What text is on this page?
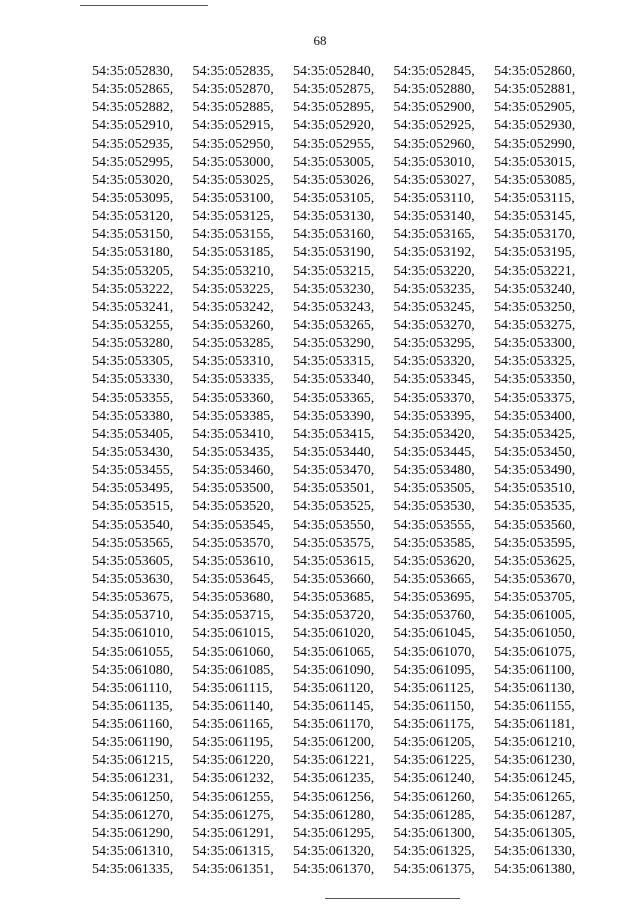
68
54:35:052830, 54:35:052835, 54:35:052840, 54:35:052845, 54:35:052860,
54:35:052865, 54:35:052870, 54:35:052875, 54:35:052880, 54:35:052881,
54:35:052882, 54:35:052885, 54:35:052895, 54:35:052900, 54:35:052905,
54:35:052910, 54:35:052915, 54:35:052920, 54:35:052925, 54:35:052930,
54:35:052935, 54:35:052950, 54:35:052955, 54:35:052960, 54:35:052990,
54:35:052995, 54:35:053000, 54:35:053005, 54:35:053010, 54:35:053015,
54:35:053020, 54:35:053025, 54:35:053026, 54:35:053027, 54:35:053085,
54:35:053095, 54:35:053100, 54:35:053105, 54:35:053110, 54:35:053115,
54:35:053120, 54:35:053125, 54:35:053130, 54:35:053140, 54:35:053145,
54:35:053150, 54:35:053155, 54:35:053160, 54:35:053165, 54:35:053170,
54:35:053180, 54:35:053185, 54:35:053190, 54:35:053192, 54:35:053195,
54:35:053205, 54:35:053210, 54:35:053215, 54:35:053220, 54:35:053221,
54:35:053222, 54:35:053225, 54:35:053230, 54:35:053235, 54:35:053240,
54:35:053241, 54:35:053242, 54:35:053243, 54:35:053245, 54:35:053250,
54:35:053255, 54:35:053260, 54:35:053265, 54:35:053270, 54:35:053275,
54:35:053280, 54:35:053285, 54:35:053290, 54:35:053295, 54:35:053300,
54:35:053305, 54:35:053310, 54:35:053315, 54:35:053320, 54:35:053325,
54:35:053330, 54:35:053335, 54:35:053340, 54:35:053345, 54:35:053350,
54:35:053355, 54:35:053360, 54:35:053365, 54:35:053370, 54:35:053375,
54:35:053380, 54:35:053385, 54:35:053390, 54:35:053395, 54:35:053400,
54:35:053405, 54:35:053410, 54:35:053415, 54:35:053420, 54:35:053425,
54:35:053430, 54:35:053435, 54:35:053440, 54:35:053445, 54:35:053450,
54:35:053455, 54:35:053460, 54:35:053470, 54:35:053480, 54:35:053490,
54:35:053495, 54:35:053500, 54:35:053501, 54:35:053505, 54:35:053510,
54:35:053515, 54:35:053520, 54:35:053525, 54:35:053530, 54:35:053535,
54:35:053540, 54:35:053545, 54:35:053550, 54:35:053555, 54:35:053560,
54:35:053565, 54:35:053570, 54:35:053575, 54:35:053585, 54:35:053595,
54:35:053605, 54:35:053610, 54:35:053615, 54:35:053620, 54:35:053625,
54:35:053630, 54:35:053645, 54:35:053660, 54:35:053665, 54:35:053670,
54:35:053675, 54:35:053680, 54:35:053685, 54:35:053695, 54:35:053705,
54:35:053710, 54:35:053715, 54:35:053720, 54:35:053760, 54:35:061005,
54:35:061010, 54:35:061015, 54:35:061020, 54:35:061045, 54:35:061050,
54:35:061055, 54:35:061060, 54:35:061065, 54:35:061070, 54:35:061075,
54:35:061080, 54:35:061085, 54:35:061090, 54:35:061095, 54:35:061100,
54:35:061110, 54:35:061115, 54:35:061120, 54:35:061125, 54:35:061130,
54:35:061135, 54:35:061140, 54:35:061145, 54:35:061150, 54:35:061155,
54:35:061160, 54:35:061165, 54:35:061170, 54:35:061175, 54:35:061181,
54:35:061190, 54:35:061195, 54:35:061200, 54:35:061205, 54:35:061210,
54:35:061215, 54:35:061220, 54:35:061221, 54:35:061225, 54:35:061230,
54:35:061231, 54:35:061232, 54:35:061235, 54:35:061240, 54:35:061245,
54:35:061250, 54:35:061255, 54:35:061256, 54:35:061260, 54:35:061265,
54:35:061270, 54:35:061275, 54:35:061280, 54:35:061285, 54:35:061287,
54:35:061290, 54:35:061291, 54:35:061295, 54:35:061300, 54:35:061305,
54:35:061310, 54:35:061315, 54:35:061320, 54:35:061325, 54:35:061330,
54:35:061335, 54:35:061351, 54:35:061370, 54:35:061375, 54:35:061380,
